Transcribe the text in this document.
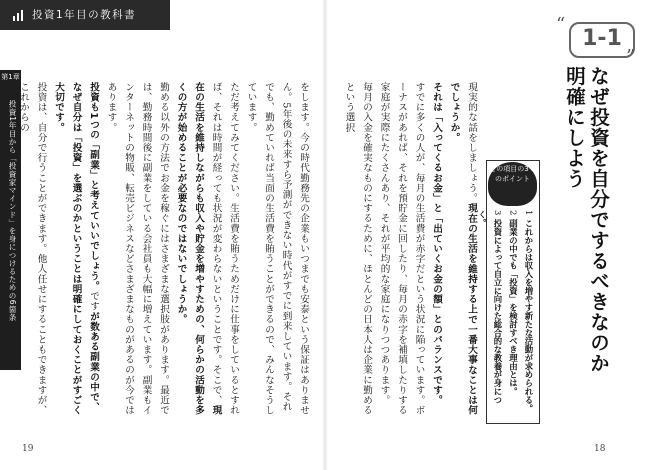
投資1年目の教科書
第1章
投資1年目から「投資家マインド」を身につけるための6箇条	をします。今の時代勤務先の企業もいつまでも安泰という保証はありません。5年後の未来すら予測ができない時代がすでに到来しています。それでも、勤めていれば当面の生活費を賄うことができるので、みんなそうしています。
ただ考えてみてください。生活費を賄うためだけに仕事をしているとすれば、それは時間が経っても状況が変わらないということです。そこで、現在の生活を維持しながらも収入や貯金を増やすための、何らかの活動を多くの方が始めることが必要なのではないでしょうか。
勤める以外の方法でお金を稼ぐにはさまざまな選択肢があります。最近では、勤務時間後に副業をしている会社員も大幅に増えています。副業もインターネットの物販、転売ビジネスなどさまざまなものがあるのが今ではあります。
投資も1つの「副業」と考えていいでしょう。ですが数ある副業の中で、なぜ自分は「投資」を選ぶのかということは明確にしておくことがすごく大切です。
投資は、自分で行うことができます。他人任せにすることもできますが、これからの	現実的な話をしましょう。現在の生活を維持する上で一番大事なことは何でしょうか。
それは「入ってくるお金」と「出ていくお金の額」とのバランスです。
すでに多くの人が、毎月の生活費が赤字だという状況に陥っています。ボーナスがあれば、それを預貯金に回したり、毎月の赤字を補填したりする家庭が実際にたくさんあり、それが平均的な家庭になりつつあります。
毎月の入金を確実なものにするために、ほとんどの日本人は企業に勤めるという選択
“
1-1
”
なぜ投資を自分でするべきなのか明確にしよう
この項目の3つのポイント
1これからは収入を増やす新たな活動が求められる。
2副業の中でも「投資」を検討すべき理由とは。
3投資によって自立に向けた総合的な教養が身につく。
19	18
